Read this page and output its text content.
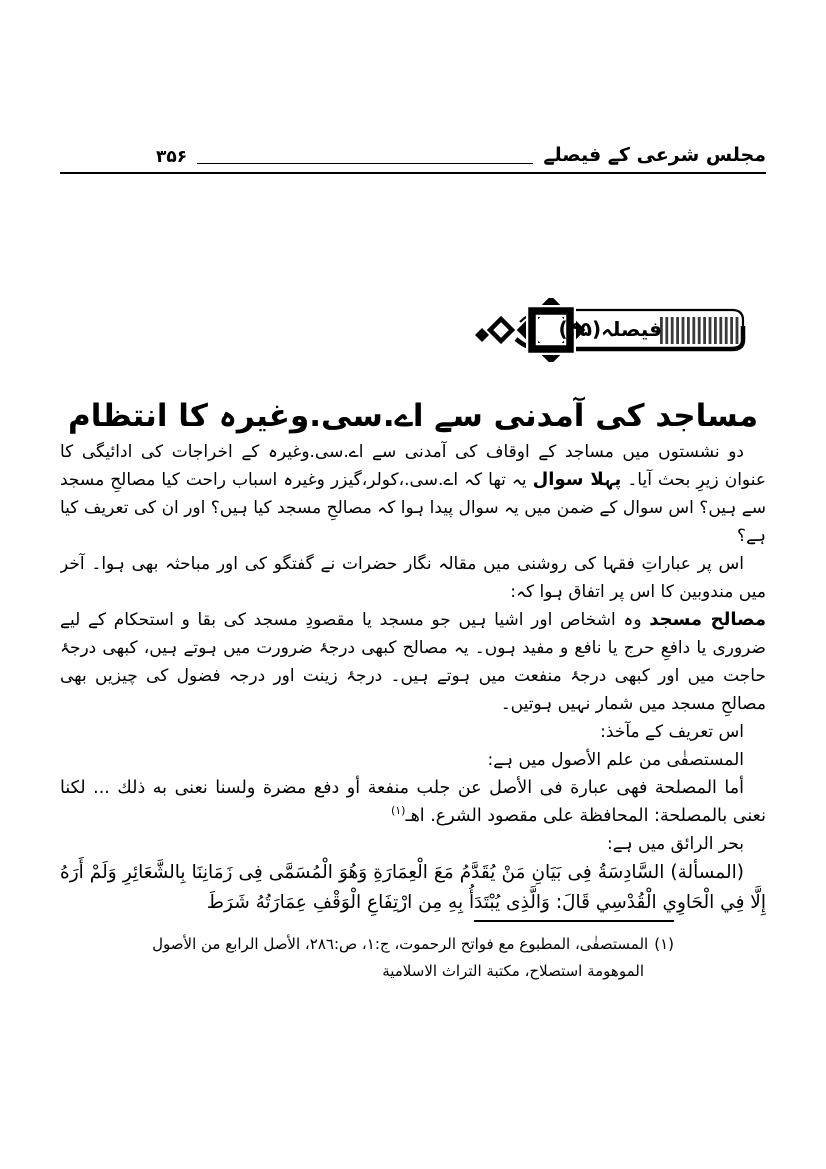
۳۵۶	مجلس شرعی کے فیصلے
فیصلہ(۴۵)
مساجد کی آمدنی سے اے.سی.وغیرہ کا انتظام

دو نشستوں میں مساجد کے اوقاف کی آمدنی سے اے.سی.وغیرہ کے اخراجات کی ادائیگی کا عنوان زیرِ بحث آیا۔ پہلا سوال یہ تھا کہ اے.سی.،کولر،گیزر وغیرہ اسباب راحت کیا مصالحِ مسجد سے ہیں؟ اس سوال کے ضمن میں یہ سوال پیدا ہوا کہ مصالحِ مسجد کیا ہیں؟ اور ان کی تعریف کیا ہے؟

اس پر عباراتِ فقہا کی روشنی میں مقالہ نگار حضرات نے گفتگو کی اور مباحثہ بھی ہوا۔ آخر میں مندوبین کا اس پر اتفاق ہوا کہ:

مصالح مسجد وہ اشخاص اور اشیا ہیں جو مسجد یا مقصودِ مسجد کی بقا و استحکام کے لیے ضروری یا دافعِ حرج یا نافع و مفید ہوں۔ یہ مصالح کبھی درجۂ ضرورت میں ہوتے ہیں، کبھی درجۂ حاجت میں اور کبھی درجۂ منفعت میں ہوتے ہیں۔ درجۂ زینت اور درجہ فضول کی چیزیں بھی مصالحِ مسجد میں شمار نہیں ہوتیں۔

اس تعریف کے مآخذ:

المستصفٰی من علم الأصول میں ہے:

أما المصلحة فهى عبارة فى الأصل عن جلب منفعة أو دفع مضرة ولسنا نعنى به ذلك ... لكنا نعنى بالمصلحة: المحافظة على مقصود الشرع. اهـ$^{(۱)}$

بحر الرائق میں ہے:

(المسألة) السَّادِسَةُ فِى بَيَانِ مَنْ يُقَدَّمُ مَعَ الْعِمَارَةِ وَهُوَ الْمُسَمَّى فِى زَمَانِنَا بِالشَّعَائِرِ وَلَمْ أَرَهُ إِلَّا فِي الْحَاوِي الْقُدْسِي قَالَ: وَالَّذِى يُبْتَدَأُ بِهِ مِن ارْتِفَاعِ الْوَقْفِ عِمَارَتُهُ شَرَطَ

(۱)المستصفٰى، المطبوع مع فواتح الرحموت، ج:١، ص:٢٨٦، الأصل الرابع من الأصول الموهومة استصلاح، مكتبة التراث الاسلامية
